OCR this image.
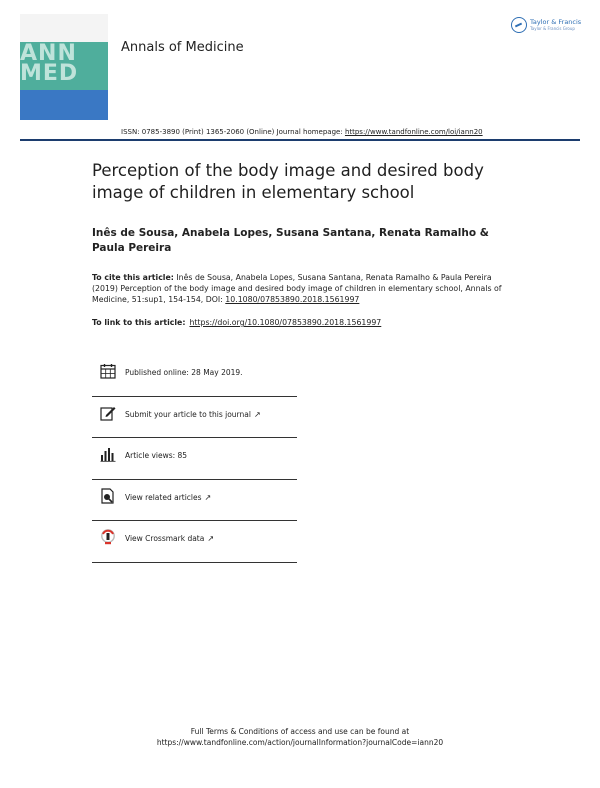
ANN
MED
Annals of Medicine
Taylor & Francis
Taylor & Francis Group
ISSN: 0785-3890 (Print) 1365-2060 (Online) Journal homepage: https://www.tandfonline.com/loi/iann20
Perception of the body image and desired body image of children in elementary school
Inês de Sousa, Anabela Lopes, Susana Santana, Renata Ramalho & Paula Pereira
To cite this article: Inês de Sousa, Anabela Lopes, Susana Santana, Renata Ramalho & Paula Pereira (2019) Perception of the body image and desired body image of children in elementary school, Annals of Medicine, 51:sup1, 154-154, DOI: 10.1080/07853890.2018.1561997
To link to this article: https://doi.org/10.1080/07853890.2018.1561997
Published online: 28 May 2019.
Submit your article to this journal ↗
Article views: 85
View related articles ↗
View Crossmark data ↗
Full Terms & Conditions of access and use can be found at
https://www.tandfonline.com/action/journalInformation?journalCode=iann20
